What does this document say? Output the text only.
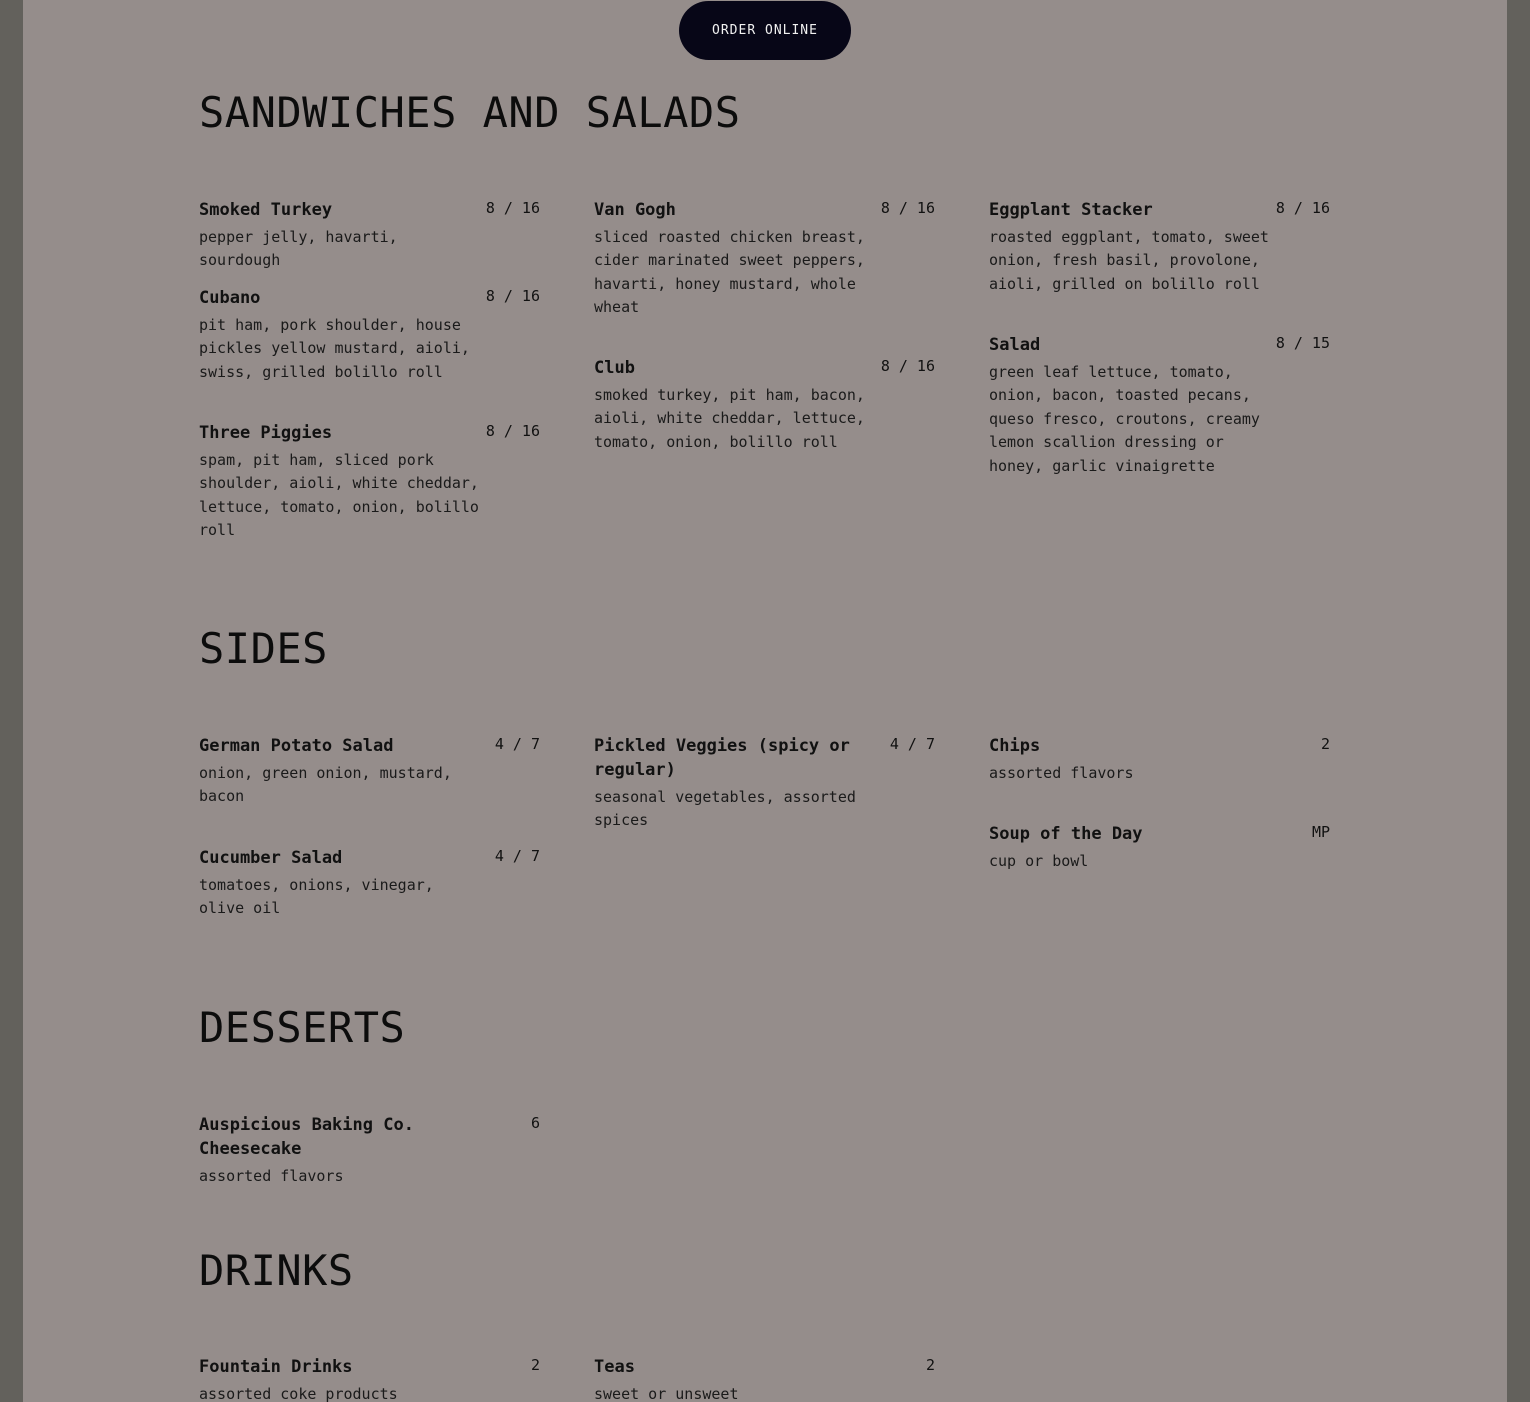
ORDER ONLINE
SANDWICHES AND SALADS
Smoked Turkey	8 / 16
pepper jelly, havarti, sourdough
Cubano	8 / 16
pit ham, pork shoulder, house pickles yellow mustard, aioli, swiss, grilled bolillo roll
Three Piggies	8 / 16
spam, pit ham, sliced pork shoulder, aioli, white cheddar, lettuce, tomato, onion, bolillo roll
Van Gogh	8 / 16
sliced roasted chicken breast, cider marinated sweet peppers, havarti, honey mustard, whole wheat
Club	8 / 16
smoked turkey, pit ham, bacon, aioli, white cheddar, lettuce, tomato, onion, bolillo roll
Eggplant Stacker	8 / 16
roasted eggplant, tomato, sweet onion, fresh basil, provolone, aioli, grilled on bolillo roll
Salad	8 / 15
green leaf lettuce, tomato, onion, bacon, toasted pecans, queso fresco, croutons, creamy lemon scallion dressing or honey, garlic vinaigrette
SIDES
German Potato Salad	4 / 7
onion, green onion, mustard, bacon
Cucumber Salad	4 / 7
tomatoes, onions, vinegar, olive oil
Pickled Veggies (spicy or regular)
4 / 7
seasonal vegetables, assorted spices
Chips	2
assorted flavors
Soup of the Day	MP
cup or bowl
DESSERTS
Auspicious Baking Co. Cheesecake
6
assorted flavors
DRINKS
Fountain Drinks	2
assorted coke products
Teas	2
sweet or unsweet
